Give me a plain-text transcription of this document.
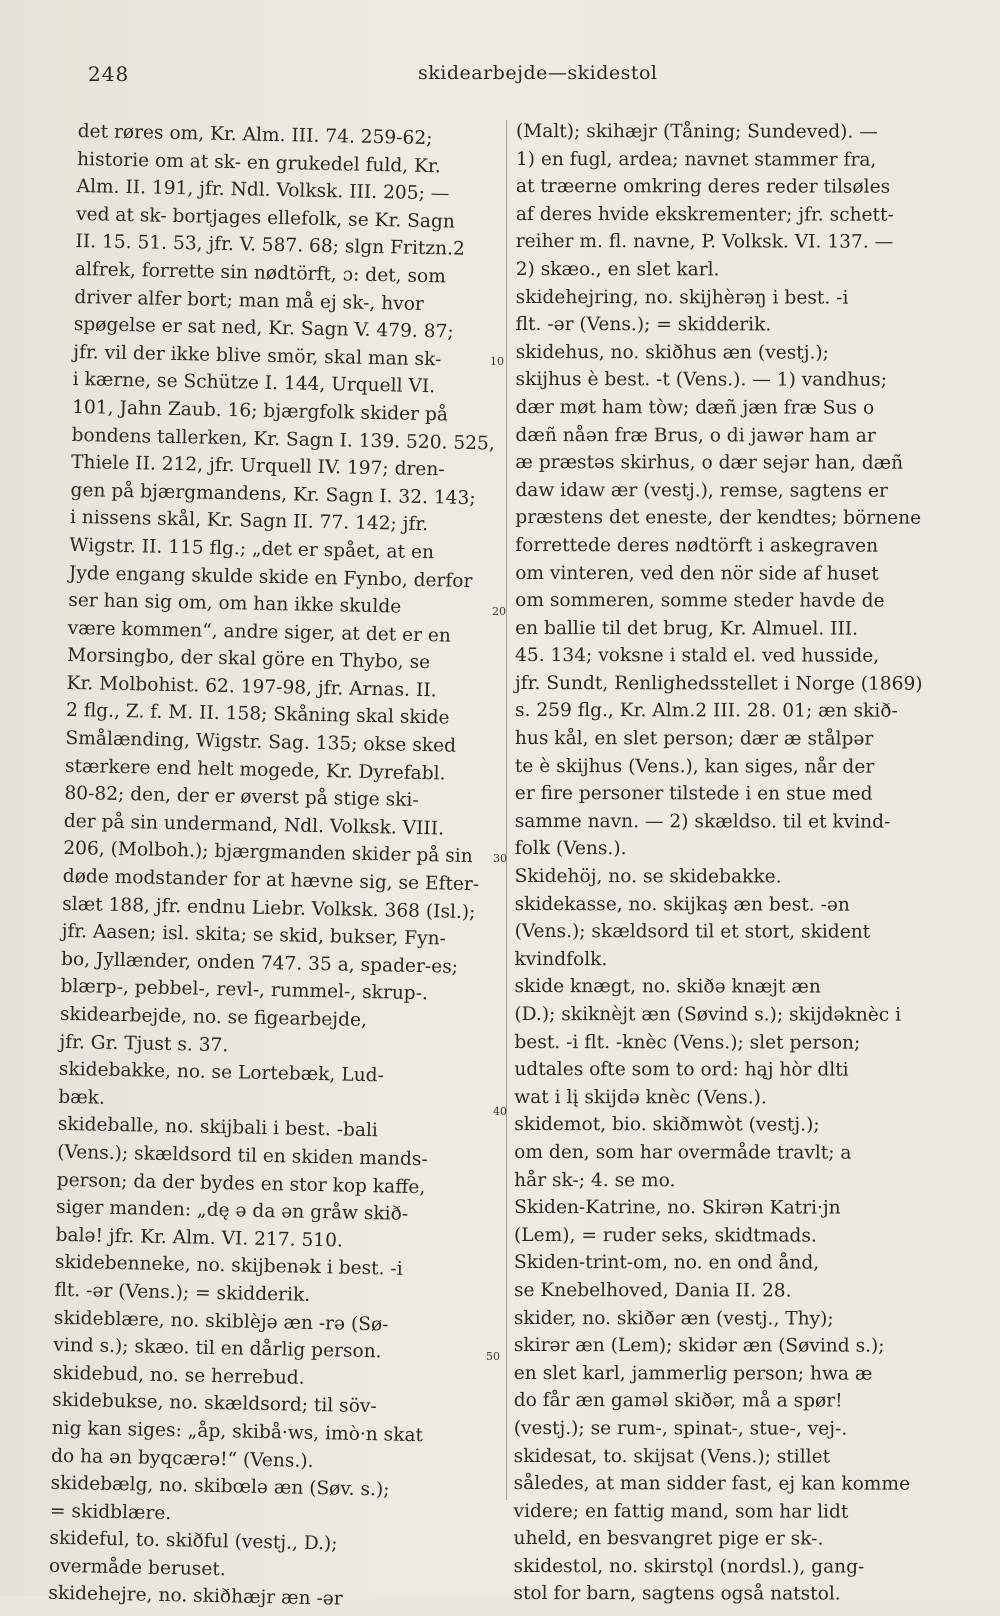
248	skidearbejde—skidestol
det røres om, Kr. Alm. III. 74. 259-62;
historie om at sk- en grukedel fuld, Kr.
Alm. II. 191, jfr. Ndl. Volksk. III. 205; —
ved at sk- bortjages ellefolk, se Kr. Sagn
II. 15. 51. 53, jfr. V. 587. 68; slgn Fritzn.2
alfrek, forrette sin nødtörft, ɔ: det, som
driver alfer bort; man må ej sk-, hvor
spøgelse er sat ned, Kr. Sagn V. 479. 87;
jfr. vil der ikke blive smör, skal man sk-
i kærne, se Schütze I. 144, Urquell VI.
101, Jahn Zaub. 16; bjærgfolk skider på
bondens tallerken, Kr. Sagn I. 139. 520. 525,
Thiele II. 212, jfr. Urquell IV. 197; dren-
gen på bjærgmandens, Kr. Sagn I. 32. 143;
i nissens skål, Kr. Sagn II. 77. 142; jfr.
Wigstr. II. 115 flg.; „det er spået, at en
Jyde engang skulde skide en Fynbo, derfor
ser han sig om, om han ikke skulde
være kommen“, andre siger, at det er en
Morsingbo, der skal göre en Thybo, se
Kr. Molbohist. 62. 197-98, jfr. Arnas. II.
2 flg., Z. f. M. II. 158; Skåning skal skide
Smålænding, Wigstr. Sag. 135; okse sked
stærkere end helt mogede, Kr. Dyrefabl.
80-82; den, der er øverst på stige ski-
der på sin undermand, Ndl. Volksk. VIII.
206, (Molboh.); bjærgmanden skider på sin
døde modstander for at hævne sig, se Efter-
slæt 188, jfr. endnu Liebr. Volksk. 368 (Isl.);
jfr. Aasen; isl. skita; se skid, bukser, Fyn-
bo, Jyllænder, onden 747. 35 a, spader-es;
blærp-, pebbel-, revl-, rummel-, skrup-.
skidearbejde, no. se figearbejde,
jfr. Gr. Tjust s. 37.
skidebakke, no. se Lortebæk, Lud-
bæk.
skideballe, no. skijbali i best. -bali
(Vens.); skældsord til en skiden mands-
person; da der bydes en stor kop kaffe,
siger manden: „dę ə da ən gråw skið-
balə! jfr. Kr. Alm. VI. 217. 510.
skidebenneke, no. skijbenək i best. -i
flt. -ər (Vens.); = skidderik.
skideblære, no. skiblèjə æn -rə (Sø-
vind s.); skæo. til en dårlig person.
skidebud, no. se herrebud.
skidebukse, no. skældsord; til söv-
nig kan siges: „åp, skibå·ws, imò·n skat
do ha ən byqcærə!“ (Vens.).
skidebælg, no. skibœlə æn (Søv. s.);
= skidblære.
skideful, to. skiðful (vestj., D.);
overmåde beruset.
skidehejre, no. skiðhæjr æn -ər
(Malt); skihæjr (Tåning; Sundeved). —
1) en fugl, ardea; navnet stammer fra,
at træerne omkring deres reder tilsøles
af deres hvide ekskrementer; jfr. schett-
reiher m. fl. navne, P. Volksk. VI. 137. —
2) skæo., en slet karl.
skidehejring, no. skijhèrəŋ i best. -i
flt. -ər (Vens.); = skidderik.
skidehus, no. skiðhus æn (vestj.);
skijhus è best. -t (Vens.). — 1) vandhus;
dær møt ham tòw; dæñ jæn fræ Sus o
dæñ nåən fræ Brus, o di jawər ham ar
æ præstəs skirhus, o dær sejər han, dæñ
daw idaw ær (vestj.), remse, sagtens er
præstens det eneste, der kendtes; börnene
forrettede deres nødtörft i askegraven
om vinteren, ved den nör side af huset
om sommeren, somme steder havde de
en ballie til det brug, Kr. Almuel. III.
45. 134; voksne i stald el. ved husside,
jfr. Sundt, Renlighedsstellet i Norge (1869)
s. 259 flg., Kr. Alm.2 III. 28. 01; æn skið-
hus kål, en slet person; dær æ stålpər
te è skijhus (Vens.), kan siges, når der
er fire personer tilstede i en stue med
samme navn. — 2) skældso. til et kvind-
folk (Vens.).
Skidehöj, no. se skidebakke.
skidekasse, no. skijkaş æn best. -ən
(Vens.); skældsord til et stort, skident
kvindfolk.
skide knægt, no. skiðə knæjt æn
(D.); skiknèjt æn (Søvind s.); skijdəknèc i
best. -i flt. -knèc (Vens.); slet person;
udtales ofte som to ord: hąj hòr dlti
wat i lį skijdə knèc (Vens.).
skidemot, bio. skiðmwòt (vestj.);
om den, som har overmåde travlt; a
hår sk-; 4. se mo.
Skiden-Katrine, no. Skirən Katri·jn
(Lem), = ruder seks, skidtmads.
Skiden-trint-om, no. en ond ånd,
se Knebelhoved, Dania II. 28.
skider, no. skiðər æn (vestj., Thy);
skirər æn (Lem); skidər æn (Søvind s.);
en slet karl, jammerlig person; hwa æ
do får æn gaməl skiðər, må a spør!
(vestj.); se rum-, spinat-, stue-, vej-.
skidesat, to. skijsat (Vens.); stillet
således, at man sidder fast, ej kan komme
videre; en fattig mand, som har lidt
uheld, en besvangret pige er sk-.
skidestol, no. skirstǫl (nordsl.), gang-
stol for barn, sagtens også natstol.
10
20
30
40
50
